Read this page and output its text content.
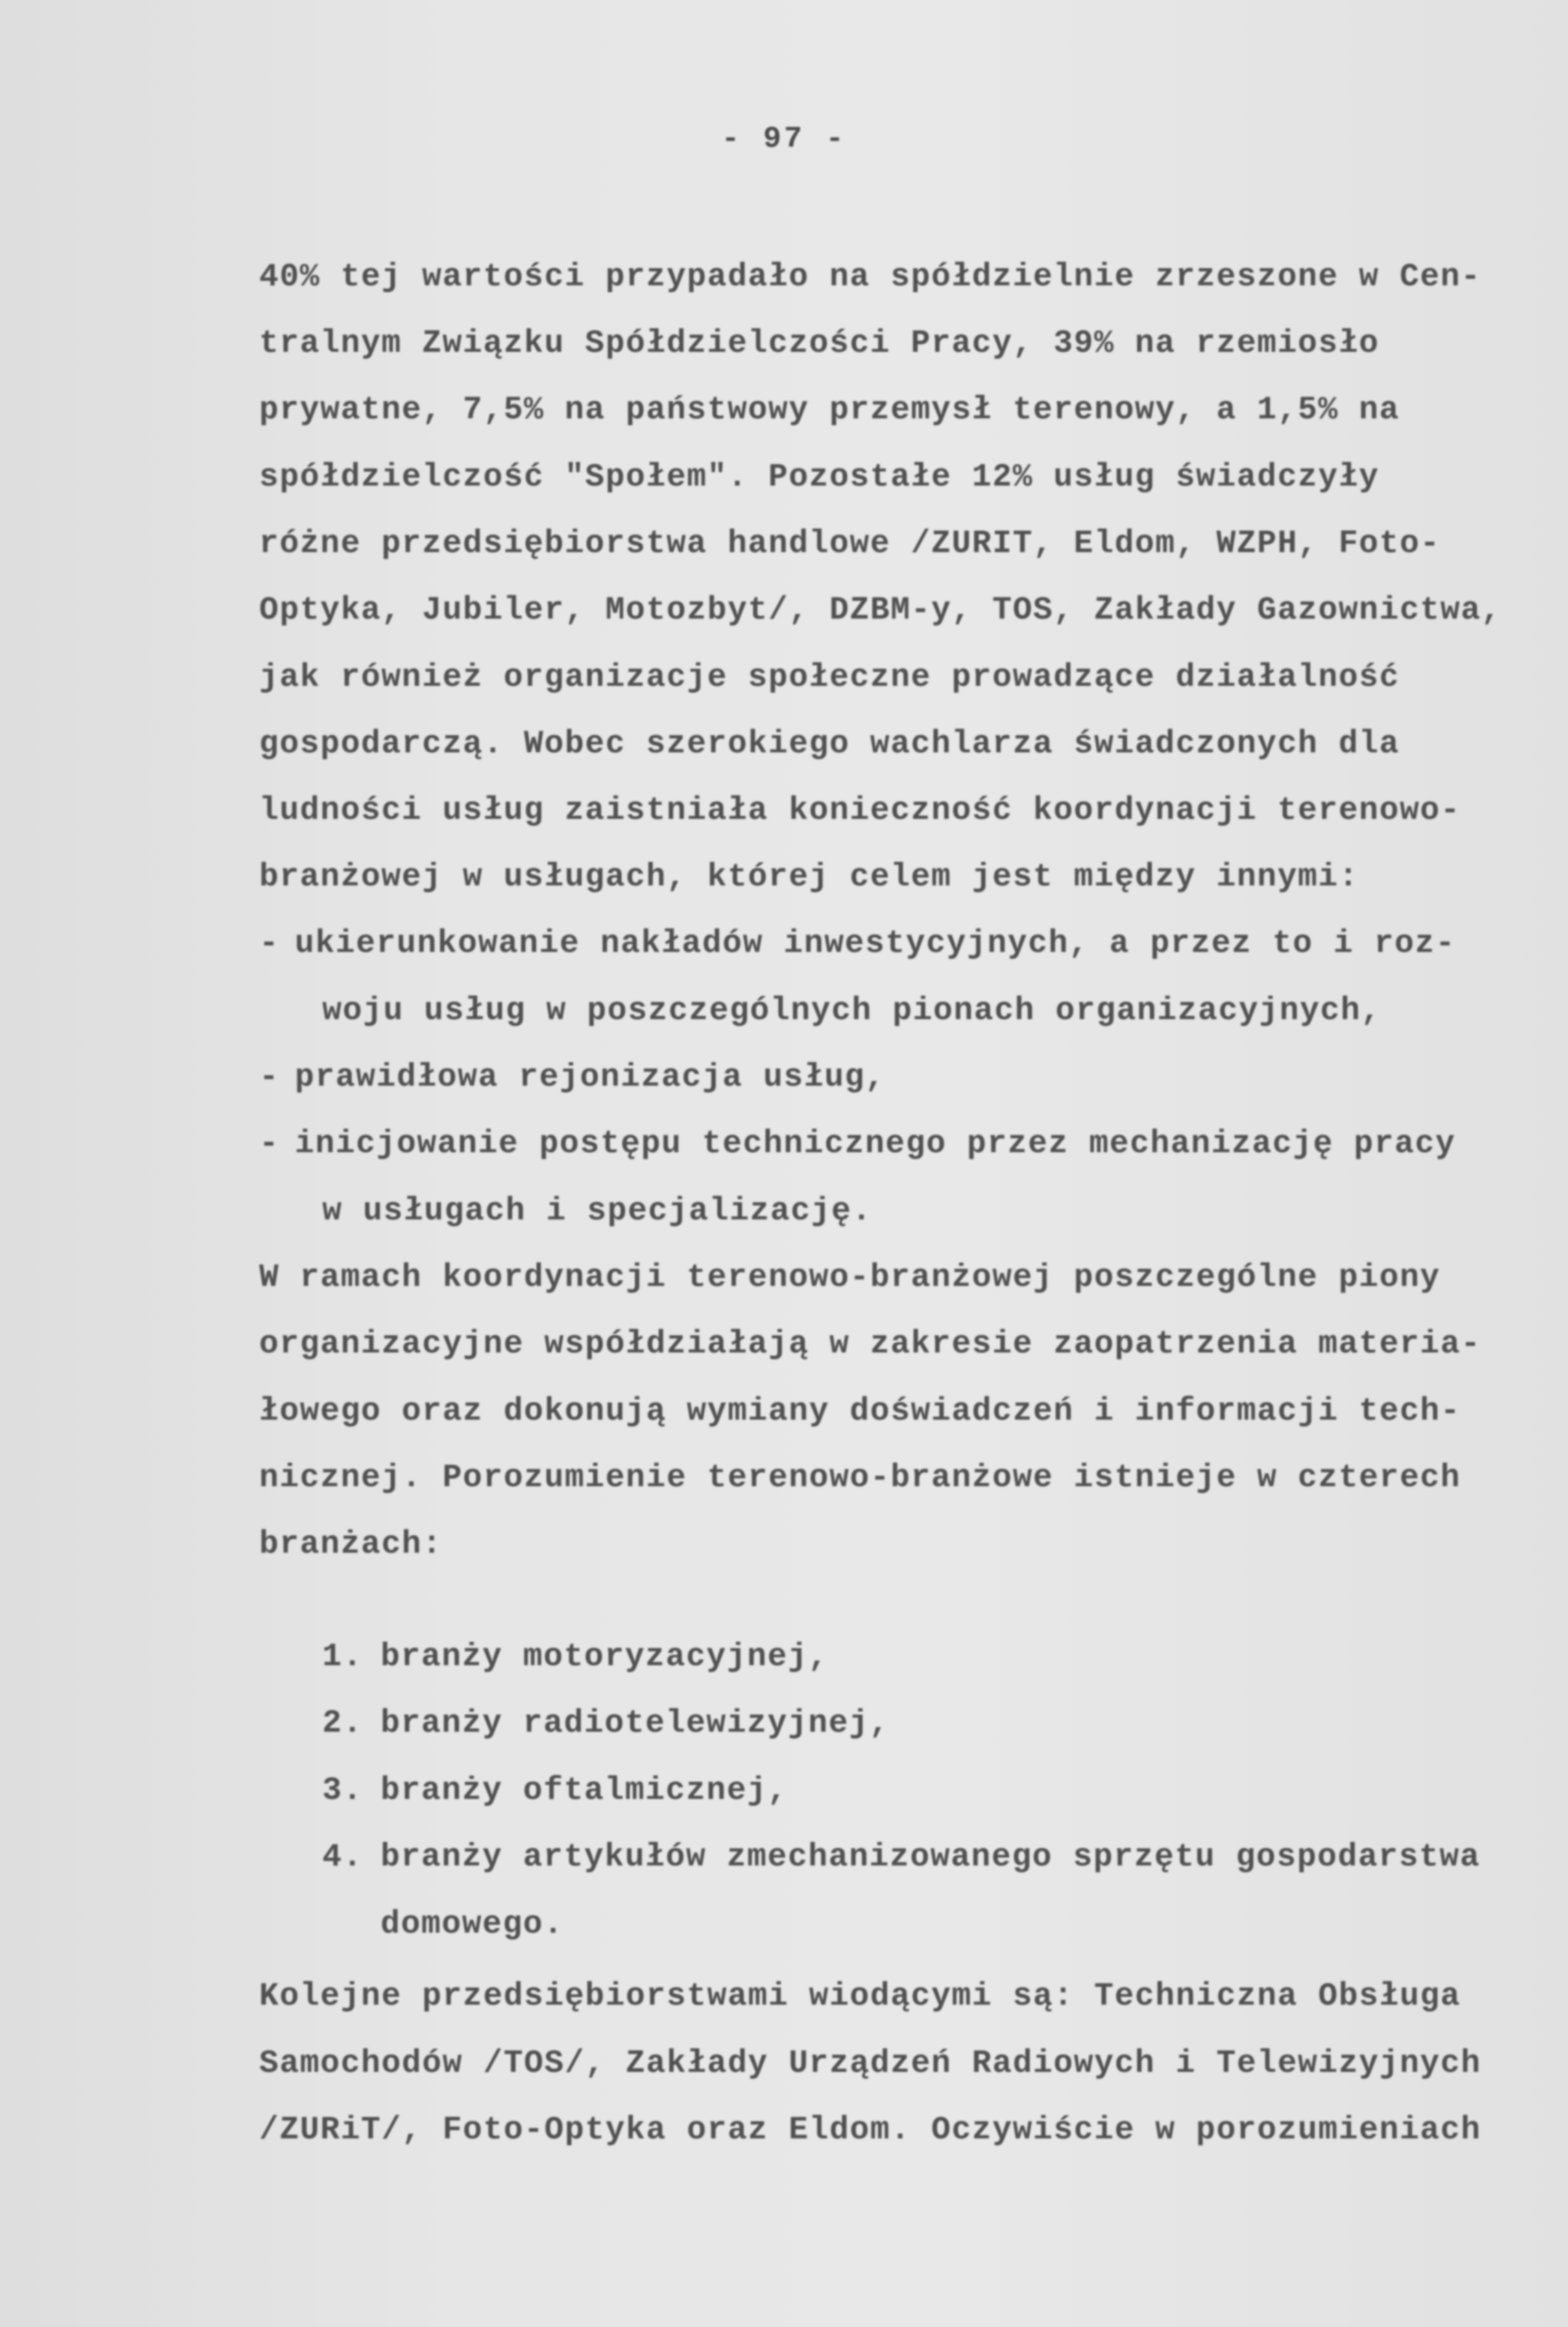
- 97 -
40% tej wartości przypadało na spółdzielnie zrzeszone w Cen-
tralnym Związku Spółdzielczości Pracy, 39% na rzemiosło
prywatne, 7,5% na państwowy przemysł terenowy, a 1,5% na
spółdzielczość "Społem". Pozostałe 12% usług świadczyły
różne przedsiębiorstwa handlowe /ZURIT, Eldom, WZPH, Foto-
Optyka, Jubiler, Motozbyt/, DZBM-y, TOS, Zakłady Gazownictwa,
jak również organizacje społeczne prowadzące działalność
gospodarczą. Wobec szerokiego wachlarza świadczonych dla
ludności usług zaistniała konieczność koordynacji terenowo-
branżowej w usługach, której celem jest między innymi:
- ukierunkowanie nakładów inwestycyjnych, a przez to i roz-
woju usług w poszczególnych pionach organizacyjnych,
- prawidłowa rejonizacja usług,
- inicjowanie postępu technicznego przez mechanizację pracy
w usługach i specjalizację.
W ramach koordynacji terenowo-branżowej poszczególne piony
organizacyjne współdziałają w zakresie zaopatrzenia materia-
łowego oraz dokonują wymiany doświadczeń i informacji tech-
nicznej. Porozumienie terenowo-branżowe istnieje w czterech
branżach:
1. branży motoryzacyjnej,
2. branży radiotelewizyjnej,
3. branży oftalmicznej,
4. branży artykułów zmechanizowanego sprzętu gospodarstwa
domowego.
Kolejne przedsiębiorstwami wiodącymi są: Techniczna Obsługa
Samochodów /TOS/, Zakłady Urządzeń Radiowych i Telewizyjnych
/ZURiT/, Foto-Optyka oraz Eldom. Oczywiście w porozumieniach
